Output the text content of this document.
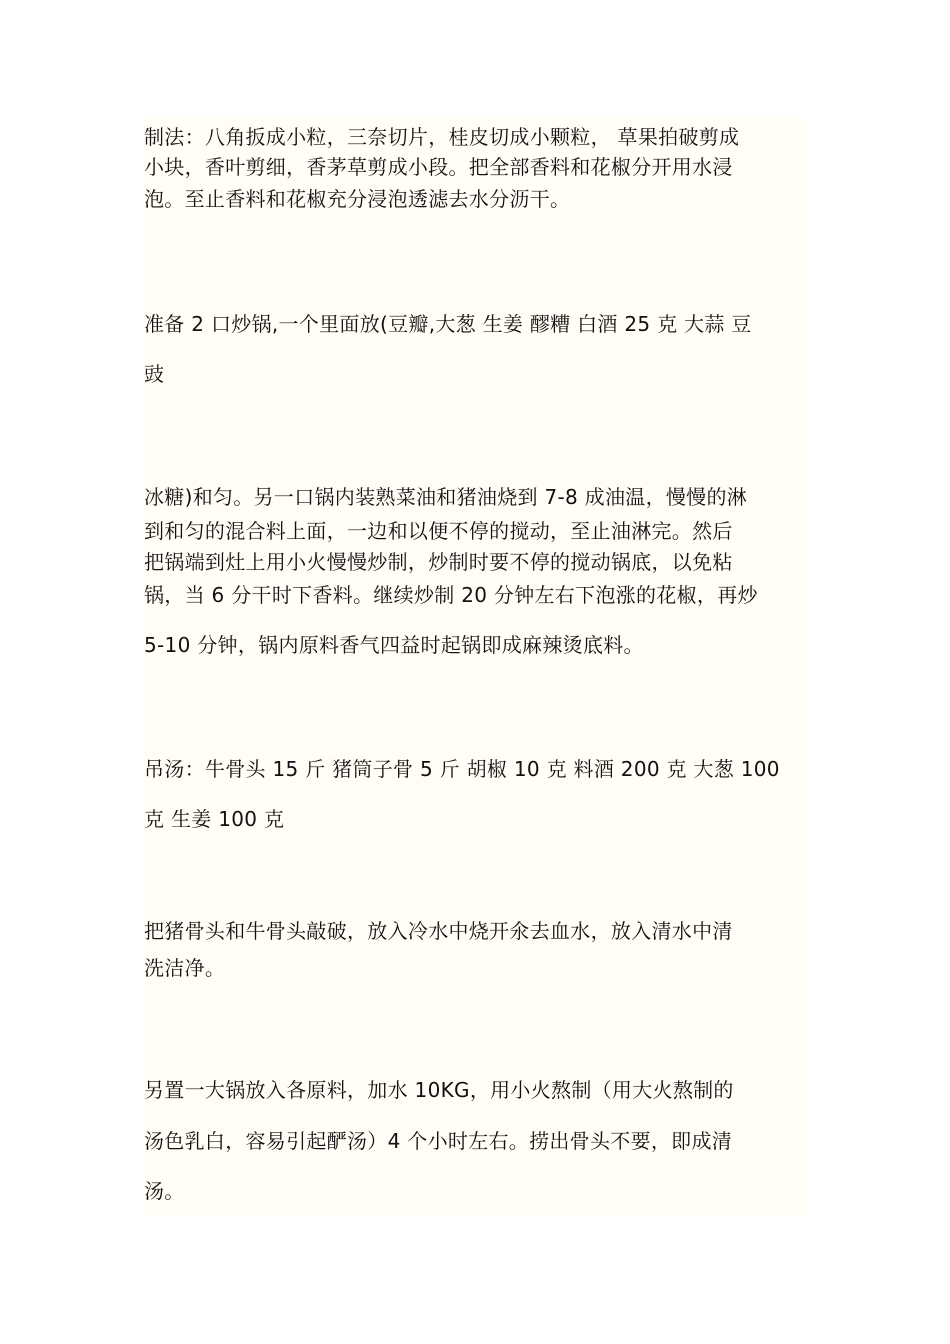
制法：八角扳成小粒，三奈切片，桂皮切成小颗粒， 草果拍破剪成
小块，香叶剪细，香茅草剪成小段。把全部香料和花椒分开用水浸
泡。至止香料和花椒充分浸泡透滤去水分沥干。
准备 2 口炒锅,一个里面放(豆瓣,大葱 生姜 醪糟 白酒 25 克 大蒜 豆
豉
冰糖)和匀。另一口锅内装熟菜油和猪油烧到 7-8 成油温，慢慢的淋
到和匀的混合料上面，一边和以便不停的搅动，至止油淋完。然后
把锅端到灶上用小火慢慢炒制，炒制时要不停的搅动锅底，以免粘
锅，当 6 分干时下香料。继续炒制 20 分钟左右下泡涨的花椒，再炒
5-10 分钟，锅内原料香气四益时起锅即成麻辣烫底料。
吊汤：牛骨头 15 斤 猪筒子骨 5 斤 胡椒 10 克 料酒 200 克 大葱 100
克 生姜 100 克
把猪骨头和牛骨头敲破，放入冷水中烧开氽去血水，放入清水中清
洗洁净。
另置一大锅放入各原料，加水 10KG，用小火熬制（用大火熬制的
汤色乳白，容易引起酽汤）4 个小时左右。捞出骨头不要，即成清
汤。
